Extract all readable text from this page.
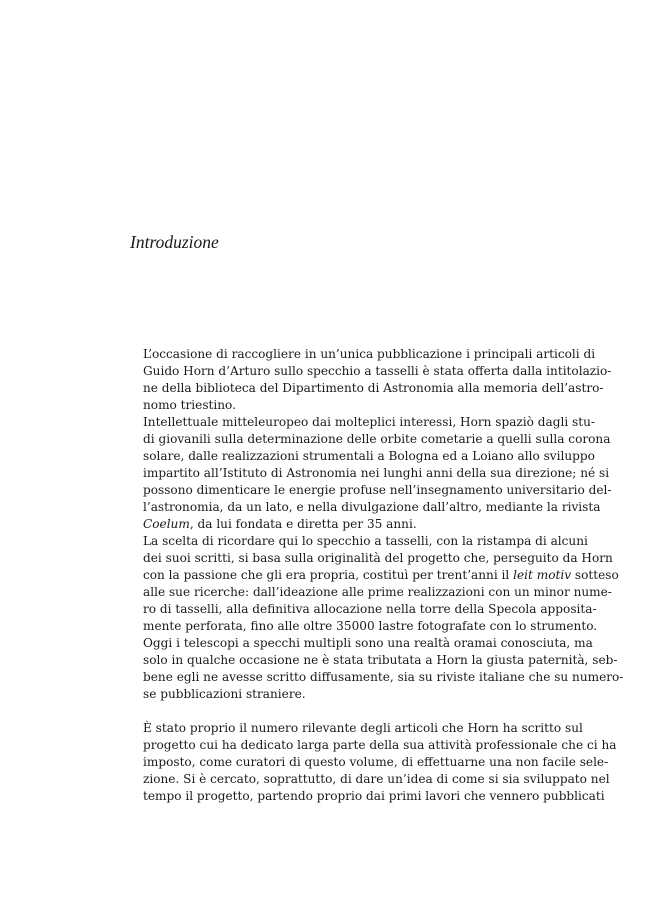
Introduzione
L’occasione di raccogliere in un’unica pubblicazione i principali articoli di
Guido Horn d’Arturo sullo specchio a tasselli è stata offerta dalla intitolazio-
ne della biblioteca del Dipartimento di Astronomia alla memoria dell’astro-
nomo triestino.
Intellettuale mitteleuropeo dai molteplici interessi, Horn spaziò dagli stu-
di giovanili sulla determinazione delle orbite cometarie a quelli sulla corona
solare, dalle realizzazioni strumentali a Bologna ed a Loiano allo sviluppo
impartito all’Istituto di Astronomia nei lunghi anni della sua direzione; né si
possono dimenticare le energie profuse nell’insegnamento universitario del-
l’astronomia, da un lato, e nella divulgazione dall’altro, mediante la rivista
Coelum, da lui fondata e diretta per 35 anni.
La scelta di ricordare qui lo specchio a tasselli, con la ristampa di alcuni
dei suoi scritti, si basa sulla originalità del progetto che, perseguito da Horn
con la passione che gli era propria, costituì per trent’anni il leit motiv sotteso
alle sue ricerche: dall’ideazione alle prime realizzazioni con un minor nume-
ro di tasselli, alla definitiva allocazione nella torre della Specola apposita-
mente perforata, fino alle oltre 35000 lastre fotografate con lo strumento.
Oggi i telescopi a specchi multipli sono una realtà oramai conosciuta, ma
solo in qualche occasione ne è stata tributata a Horn la giusta paternità, seb-
bene egli ne avesse scritto diffusamente, sia su riviste italiane che su numero-
se pubblicazioni straniere.
È stato proprio il numero rilevante degli articoli che Horn ha scritto sul
progetto cui ha dedicato larga parte della sua attività professionale che ci ha
imposto, come curatori di questo volume, di effettuarne una non facile sele-
zione. Si è cercato, soprattutto, di dare un’idea di come si sia sviluppato nel
tempo il progetto, partendo proprio dai primi lavori che vennero pubblicati
